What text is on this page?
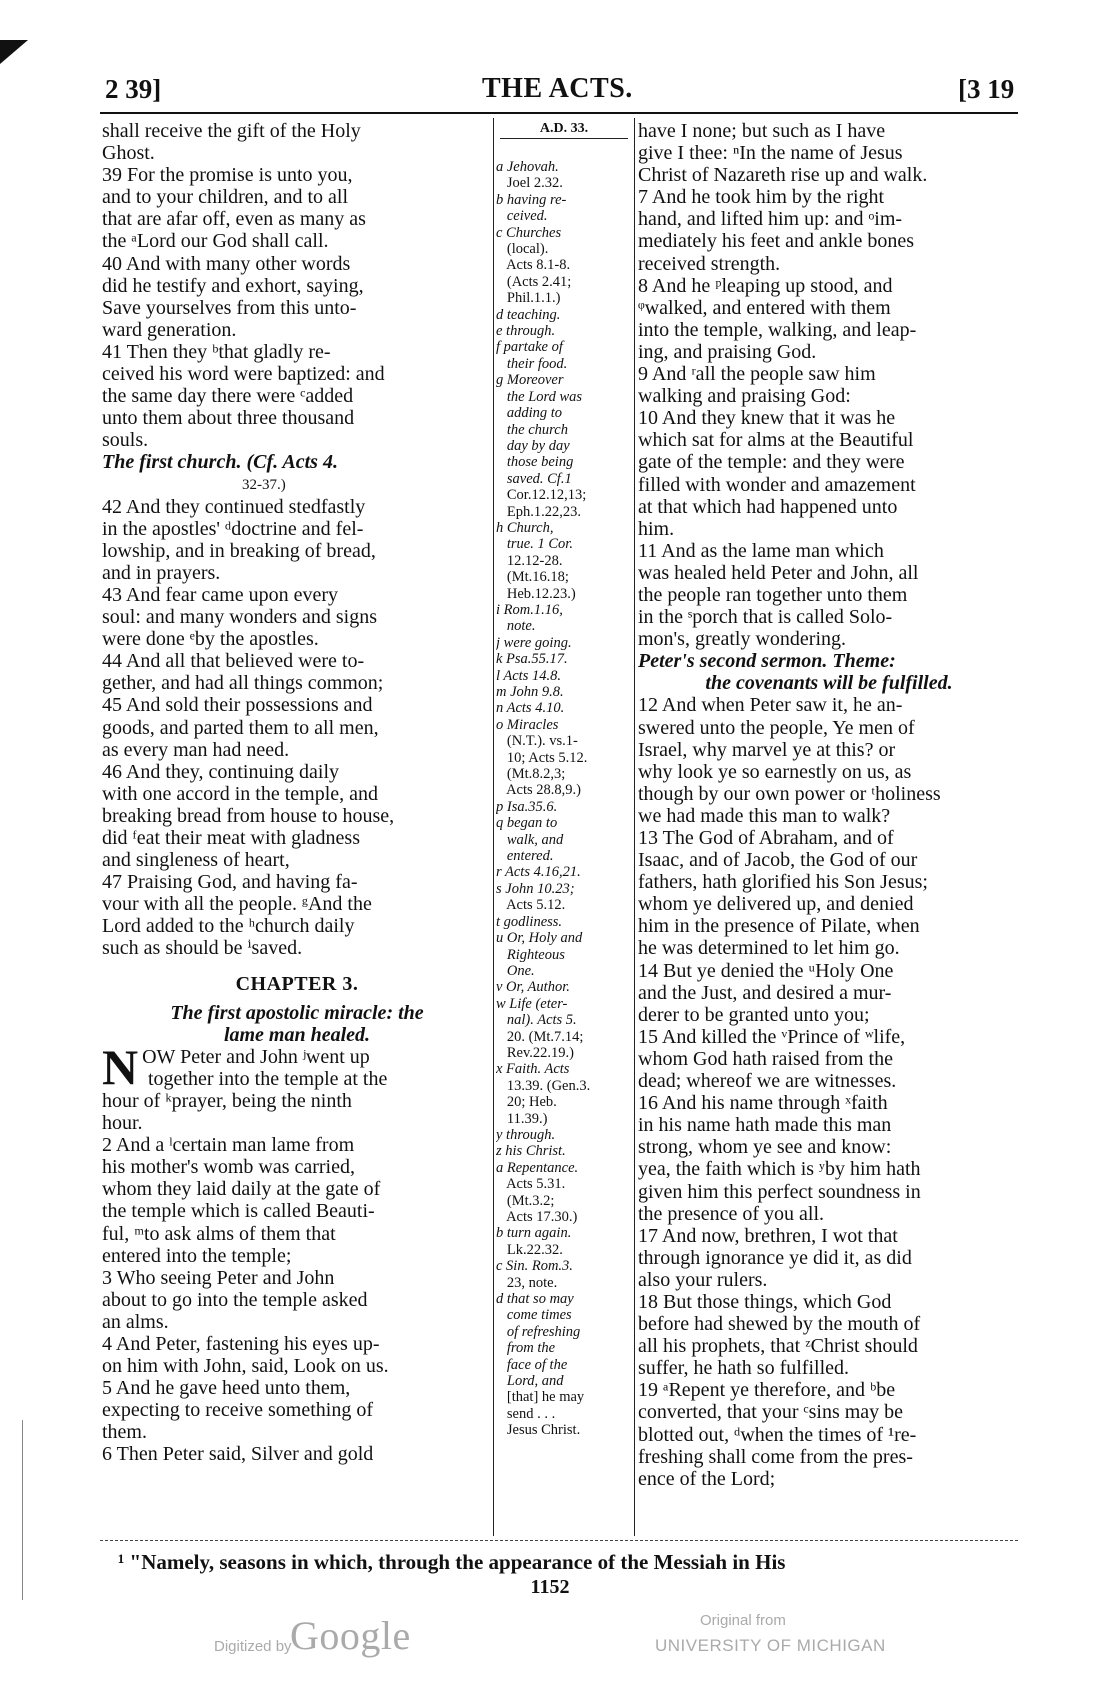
2 39]	THE ACTS.	[3 19
shall receive the gift of the Holy
Ghost.
39 For the promise is unto you,
and to your children, and to all
that are afar off, even as many as
the ᵃLord our God shall call.
40 And with many other words
did he testify and exhort, saying,
Save yourselves from this unto-
ward generation.
41 Then they ᵇthat gladly re-
ceived his word were baptized: and
the same day there were ᶜadded
unto them about three thousand
souls.
The first church. (Cf. Acts 4.
32-37.)
42 And they continued stedfastly
in the apostles' ᵈdoctrine and fel-
lowship, and in breaking of bread,
and in prayers.
43 And fear came upon every
soul: and many wonders and signs
were done ᵉby the apostles.
44 And all that believed were to-
gether, and had all things common;
45 And sold their possessions and
goods, and parted them to all men,
as every man had need.
46 And they, continuing daily
with one accord in the temple, and
breaking bread from house to house,
did ᶠeat their meat with gladness
and singleness of heart,
47 Praising God, and having fa-
vour with all the people. ᵍAnd the
Lord added to the ʰchurch daily
such as should be ⁱsaved.
CHAPTER 3.
The first apostolic miracle: the
lame man healed.
NOW Peter and John ʲwent up
together into the temple at the
hour of ᵏprayer, being the ninth
hour.
2 And a ˡcertain man lame from
his mother's womb was carried,
whom they laid daily at the gate of
the temple which is called Beauti-
ful, ᵐto ask alms of them that
entered into the temple;
3 Who seeing Peter and John
about to go into the temple asked
an alms.
4 And Peter, fastening his eyes up-
on him with John, said, Look on us.
5 And he gave heed unto them,
expecting to receive something of
them.
6 Then Peter said, Silver and gold
A.D. 33.
a Jehovah.
Joel 2.32.
b having re-
ceived.
c Churches
(local).
Acts 8.1-8.
(Acts 2.41;
Phil.1.1.)
d teaching.
e through.
f partake of
their food.
g Moreover
the Lord was
adding to
the church
day by day
those being
saved. Cf.1
Cor.12.12,13;
Eph.1.22,23.
h Church,
true. 1 Cor.
12.12-28.
(Mt.16.18;
Heb.12.23.)
i Rom.1.16,
note.
j were going.
k Psa.55.17.
l Acts 14.8.
m John 9.8.
n Acts 4.10.
o Miracles
(N.T.). vs.1-
10; Acts 5.12.
(Mt.8.2,3;
Acts 28.8,9.)
p Isa.35.6.
q began to
walk, and
entered.
r Acts 4.16,21.
s John 10.23;
Acts 5.12.
t godliness.
u Or, Holy and
Righteous
One.
v Or, Author.
w Life (eter-
nal). Acts 5.
20. (Mt.7.14;
Rev.22.19.)
x Faith. Acts
13.39. (Gen.3.
20; Heb.
11.39.)
y through.
z his Christ.
a Repentance.
Acts 5.31.
(Mt.3.2;
Acts 17.30.)
b turn again.
Lk.22.32.
c Sin. Rom.3.
23, note.
d that so may
come times
of refreshing
from the
face of the
Lord, and
[that] he may
send . . .
Jesus Christ.
have I none; but such as I have
give I thee: ⁿIn the name of Jesus
Christ of Nazareth rise up and walk.
7 And he took him by the right
hand, and lifted him up: and ᵒim-
mediately his feet and ankle bones
received strength.
8 And he ᵖleaping up stood, and
ᵠwalked, and entered with them
into the temple, walking, and leap-
ing, and praising God.
9 And ʳall the people saw him
walking and praising God:
10 And they knew that it was he
which sat for alms at the Beautiful
gate of the temple: and they were
filled with wonder and amazement
at that which had happened unto
him.
11 And as the lame man which
was healed held Peter and John, all
the people ran together unto them
in the ˢporch that is called Solo-
mon's, greatly wondering.
Peter's second sermon. Theme:
the covenants will be fulfilled.
12 And when Peter saw it, he an-
swered unto the people, Ye men of
Israel, why marvel ye at this? or
why look ye so earnestly on us, as
though by our own power or ᵗholiness
we had made this man to walk?
13 The God of Abraham, and of
Isaac, and of Jacob, the God of our
fathers, hath glorified his Son Jesus;
whom ye delivered up, and denied
him in the presence of Pilate, when
he was determined to let him go.
14 But ye denied the ᵘHoly One
and the Just, and desired a mur-
derer to be granted unto you;
15 And killed the ᵛPrince of ʷlife,
whom God hath raised from the
dead; whereof we are witnesses.
16 And his name through ˣfaith
in his name hath made this man
strong, whom ye see and know:
yea, the faith which is ʸby him hath
given him this perfect soundness in
the presence of you all.
17 And now, brethren, I wot that
through ignorance ye did it, as did
also your rulers.
18 But those things, which God
before had shewed by the mouth of
all his prophets, that ᶻChrist should
suffer, he hath so fulfilled.
19 ᵃRepent ye therefore, and ᵇbe
converted, that your ᶜsins may be
blotted out, ᵈwhen the times of ¹re-
freshing shall come from the pres-
ence of the Lord;
¹ "Namely, seasons in which, through the appearance of the Messiah in His
1152
Digitized by
Google	Original from
UNIVERSITY OF MICHIGAN
